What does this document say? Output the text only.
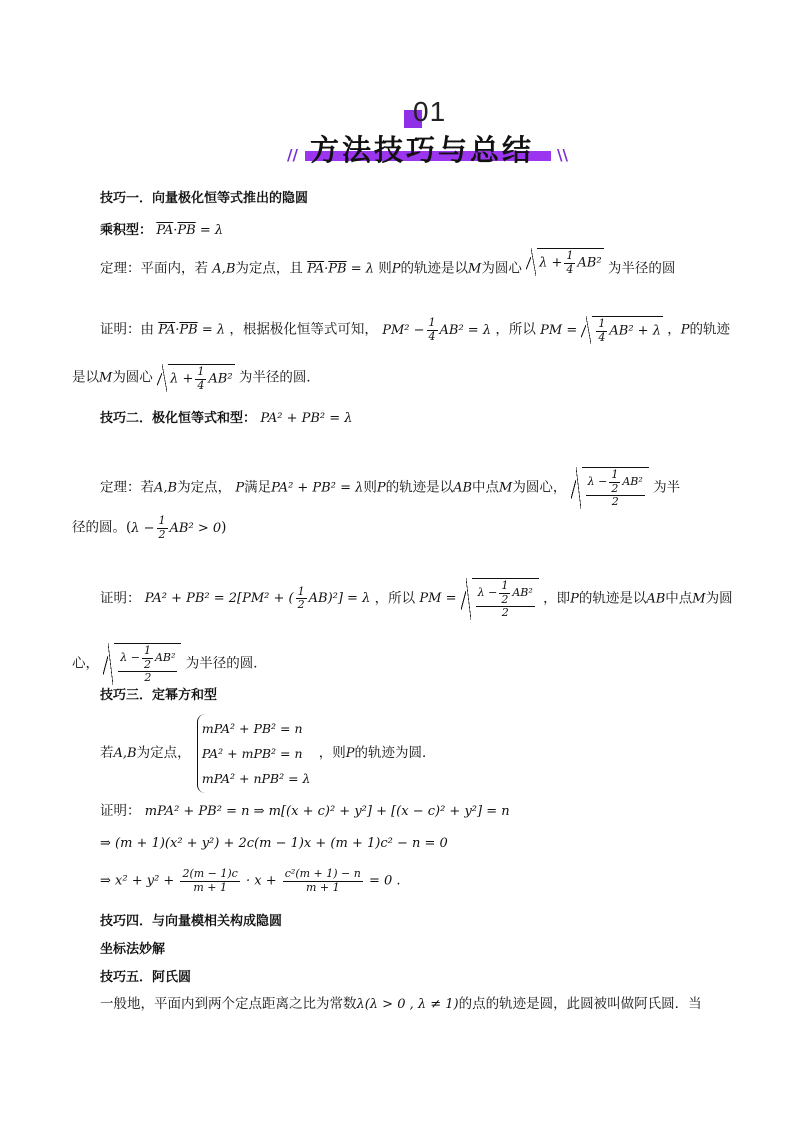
01
// 方法技巧与总结 \\
技巧一．向量极化恒等式推出的隐圆
乘积型： $\overline{PA}\cdot\overline{PB} = \lambda$
定理：平面内，若 A,B为定点，且 $\overline{PA}\cdot\overline{PB} = \lambda$ 则P的轨迹是以M为圆心 $\lambda + \frac{1}{4} AB^2$ 为半径的圆
证明：由 $\overline{PA}\cdot\overline{PB} = \lambda$ ，根据极化恒等式可知， $PM^2 - \frac{1}{4} AB^2 = \lambda$ ，所以 PM = $\frac{1}{4} AB^2 + \lambda$ ，P的轨迹
是以M为圆心 $\lambda + \frac{1}{4} AB^2$ 为半径的圆．
技巧二．极化恒等式和型： PA² + PB² = λ
定理：若A,B为定点， P满足PA² + PB² = λ则P的轨迹是以AB中点M为圆心， $\frac{\lambda - \frac{1}{2} AB^2}{2}$ 为半
径的圆。$(\lambda - \frac{1}{2} AB^2 > 0)$
证明： PA² + PB² = 2[PM² + ( $\frac{1}{2} AB)^2] = \lambda$ ，所以 PM = $\frac{\lambda - \frac{1}{2} AB^2}{2}$ ，即P的轨迹是以AB中点M为圆
心， $\frac{\lambda - \frac{1}{2} AB^2}{2}$ 为半径的圆．
技巧三．定幂方和型
若A,B为定点，
mPA² + PB² = n
PA² + mPB² = n
mPA² + nPB² = λ
，则P的轨迹为圆．
证明： mPA² + PB² = n ⇒ m[(x + c)² + y²] + [(x − c)² + y²] = n
⇒ (m + 1)(x² + y²) + 2c(m − 1)x + (m + 1)c² − n = 0
⇒ $x^2 + y^2 + \frac{2(m - 1)c}{m + 1} \cdot x + \frac{\text{c²(m + 1) − n}}{m + 1} = 0$ .
技巧四．与向量模相关构成隐圆
坐标法妙解
技巧五．阿氏圆
一般地，平面内到两个定点距离之比为常数λ(λ > 0 , λ ≠ 1)的点的轨迹是圆，此圆被叫做阿氏圆．当
